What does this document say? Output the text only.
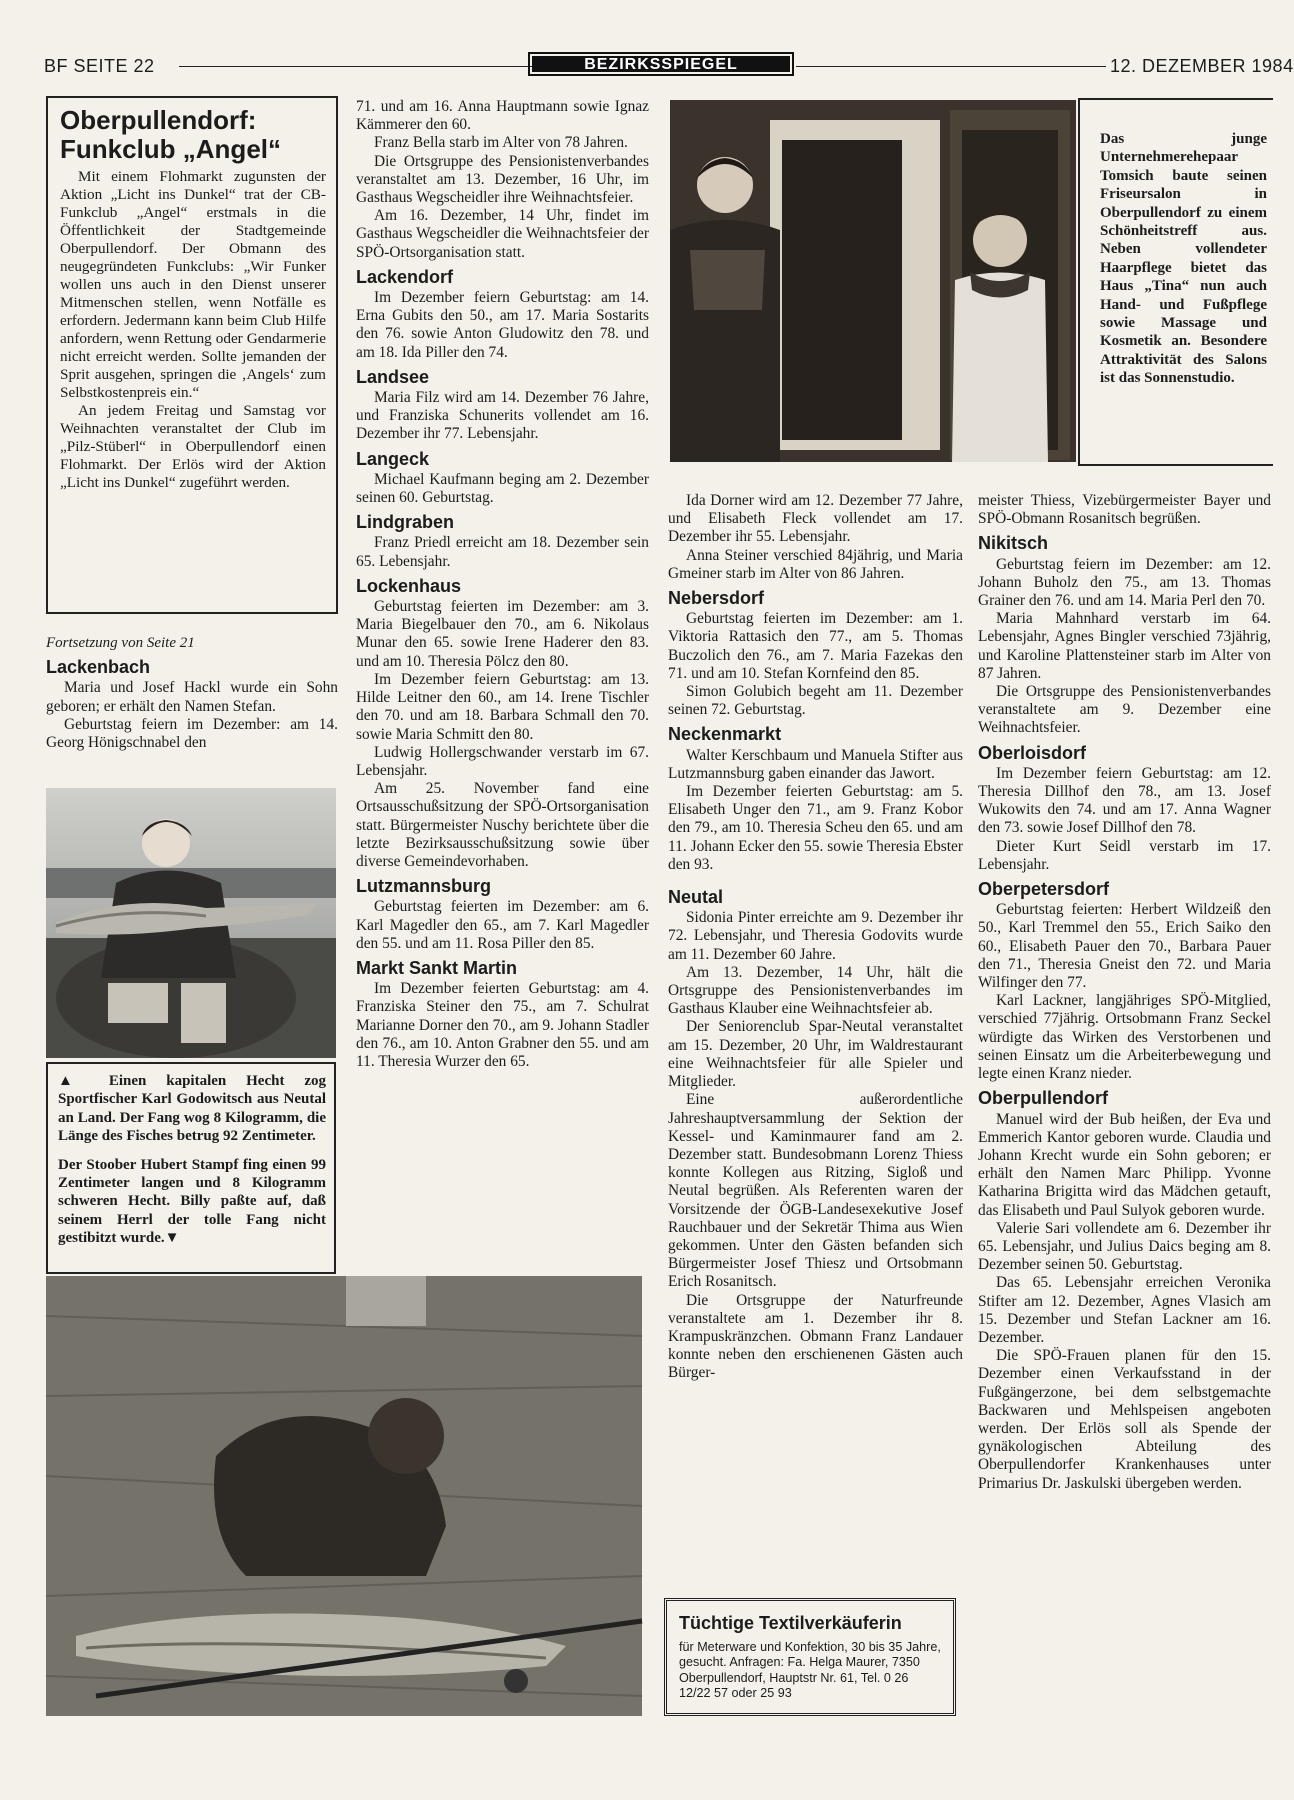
BF SEITE 22	BEZIRKSSPIEGEL	12. DEZEMBER 1984
Oberpullendorf: Funkclub „Angel“

Mit einem Flohmarkt zugunsten der Aktion „Licht ins Dunkel“ trat der CB-Funkclub „Angel“ erstmals in die Öffentlichkeit der Stadtgemeinde Oberpullendorf. Der Obmann des neugegründeten Funkclubs: „Wir Funker wollen uns auch in den Dienst unserer Mitmenschen stellen, wenn Notfälle es erfordern. Jedermann kann beim Club Hilfe anfordern, wenn Rettung oder Gendarmerie nicht erreicht werden. Sollte jemanden der Sprit ausgehen, springen die ‚Angels‘ zum Selbstkostenpreis ein.“

An jedem Freitag und Samstag vor Weihnachten veranstaltet der Club im „Pilz-Stüberl“ in Oberpullendorf einen Flohmarkt. Der Erlös wird der Aktion „Licht ins Dunkel“ zugeführt werden.

Fortsetzung von Seite 21

Lackenbach

Maria und Josef Hackl wurde ein Sohn geboren; er erhält den Namen Stefan.

Geburtstag feiern im Dezember: am 14. Georg Hönigschnabel den

▲ Einen kapitalen Hecht zog Sportfischer Karl Godowitsch aus Neutal an Land. Der Fang wog 8 Kilogramm, die Länge des Fisches betrug 92 Zentimeter.

Der Stoober Hubert Stampf fing einen 99 Zentimeter langen und 8 Kilogramm schweren Hecht. Billy paßte auf, daß seinem Herrl der tolle Fang nicht gestibitzt wurde.▼

71. und am 16. Anna Hauptmann sowie Ignaz Kämmerer den 60.

Franz Bella starb im Alter von 78 Jahren.

Die Ortsgruppe des Pensionistenverbandes veranstaltet am 13. Dezember, 16 Uhr, im Gasthaus Wegscheidler ihre Weihnachtsfeier.

Am 16. Dezember, 14 Uhr, findet im Gasthaus Wegscheidler die Weihnachtsfeier der SPÖ-Ortsorganisation statt.

Lackendorf

Im Dezember feiern Geburtstag: am 14. Erna Gubits den 50., am 17. Maria Sostarits den 76. sowie Anton Gludowitz den 78. und am 18. Ida Piller den 74.

Landsee

Maria Filz wird am 14. Dezember 76 Jahre, und Franziska Schunerits vollendet am 16. Dezember ihr 77. Lebensjahr.

Langeck

Michael Kaufmann beging am 2. Dezember seinen 60. Geburtstag.

Lindgraben

Franz Priedl erreicht am 18. Dezember sein 65. Lebensjahr.

Lockenhaus

Geburtstag feierten im Dezember: am 3. Maria Biegelbauer den 70., am 6. Nikolaus Munar den 65. sowie Irene Haderer den 83. und am 10. Theresia Pölcz den 80.

Im Dezember feiern Geburtstag: am 13. Hilde Leitner den 60., am 14. Irene Tischler den 70. und am 18. Barbara Schmall den 70. sowie Maria Schmitt den 80.

Ludwig Hollergschwander verstarb im 67. Lebensjahr.

Am 25. November fand eine Ortsausschußsitzung der SPÖ-Ortsorganisation statt. Bürgermeister Nuschy berichtete über die letzte Bezirksausschußsitzung sowie über diverse Gemeindevorhaben.

Lutzmannsburg

Geburtstag feierten im Dezember: am 6. Karl Magedler den 65., am 7. Karl Magedler den 55. und am 11. Rosa Piller den 85.

Markt Sankt Martin

Im Dezember feierten Geburtstag: am 4. Franziska Steiner den 75., am 7. Schulrat Marianne Dorner den 70., am 9. Johann Stadler den 76., am 10. Anton Grabner den 55. und am 11. Theresia Wurzer den 65.

Das junge Unternehmerehepaar Tomsich baute seinen Friseursalon in Oberpullendorf zu einem Schönheitstreff aus. Neben vollendeter Haarpflege bietet das Haus „Tina“ nun auch Hand- und Fußpflege sowie Massage und Kosmetik an. Besondere Attraktivität des Salons ist das Sonnenstudio.

Ida Dorner wird am 12. Dezember 77 Jahre, und Elisabeth Fleck vollendet am 17. Dezember ihr 55. Lebensjahr.

Anna Steiner verschied 84jährig, und Maria Gmeiner starb im Alter von 86 Jahren.

Nebersdorf

Geburtstag feierten im Dezember: am 1. Viktoria Rattasich den 77., am 5. Thomas Buczolich den 76., am 7. Maria Fazekas den 71. und am 10. Stefan Kornfeind den 85.

Simon Golubich begeht am 11. Dezember seinen 72. Geburtstag.

Neckenmarkt

Walter Kerschbaum und Manuela Stifter aus Lutzmannsburg gaben einander das Jawort.

Im Dezember feierten Geburtstag: am 5. Elisabeth Unger den 71., am 9. Franz Kobor den 79., am 10. Theresia Scheu den 65. und am 11. Johann Ecker den 55. sowie Theresia Ebster den 93.

Neutal

Sidonia Pinter erreichte am 9. Dezember ihr 72. Lebensjahr, und Theresia Godovits wurde am 11. Dezember 60 Jahre.

Am 13. Dezember, 14 Uhr, hält die Ortsgruppe des Pensionistenverbandes im Gasthaus Klauber eine Weihnachtsfeier ab.

Der Seniorenclub Spar-Neutal veranstaltet am 15. Dezember, 20 Uhr, im Waldrestaurant eine Weihnachtsfeier für alle Spieler und Mitglieder.

Eine außerordentliche Jahreshauptversammlung der Sektion der Kessel- und Kaminmaurer fand am 2. Dezember statt. Bundesobmann Lorenz Thiess konnte Kollegen aus Ritzing, Sigloß und Neutal begrüßen. Als Referenten waren der Vorsitzende der ÖGB-Landesexekutive Josef Rauchbauer und der Sekretär Thima aus Wien gekommen. Unter den Gästen befanden sich Bürgermeister Josef Thiesz und Ortsobmann Erich Rosanitsch.

Die Ortsgruppe der Naturfreunde veranstaltete am 1. Dezember ihr 8. Krampuskränzchen. Obmann Franz Landauer konnte neben den erschienenen Gästen auch Bürger-

Tüchtige Textilverkäuferin

für Meterware und Konfektion, 30 bis 35 Jahre, gesucht. Anfragen: Fa. Helga Maurer, 7350 Oberpullendorf, Hauptstr Nr. 61, Tel. 0 26 12/22 57 oder 25 93

meister Thiess, Vizebürgermeister Bayer und SPÖ-Obmann Rosanitsch begrüßen.

Nikitsch

Geburtstag feiern im Dezember: am 12. Johann Buholz den 75., am 13. Thomas Grainer den 76. und am 14. Maria Perl den 70.

Maria Mahnhard verstarb im 64. Lebensjahr, Agnes Bingler verschied 73jährig, und Karoline Plattensteiner starb im Alter von 87 Jahren.

Die Ortsgruppe des Pensionistenverbandes veranstaltete am 9. Dezember eine Weihnachtsfeier.

Oberloisdorf

Im Dezember feiern Geburtstag: am 12. Theresia Dillhof den 78., am 13. Josef Wukowits den 74. und am 17. Anna Wagner den 73. sowie Josef Dillhof den 78.

Dieter Kurt Seidl verstarb im 17. Lebensjahr.

Oberpetersdorf

Geburtstag feierten: Herbert Wildzeiß den 50., Karl Tremmel den 55., Erich Saiko den 60., Elisabeth Pauer den 70., Barbara Pauer den 71., Theresia Gneist den 72. und Maria Wilfinger den 77.

Karl Lackner, langjähriges SPÖ-Mitglied, verschied 77jährig. Ortsobmann Franz Seckel würdigte das Wirken des Verstorbenen und seinen Einsatz um die Arbeiterbewegung und legte einen Kranz nieder.

Oberpullendorf

Manuel wird der Bub heißen, der Eva und Emmerich Kantor geboren wurde. Claudia und Johann Krecht wurde ein Sohn geboren; er erhält den Namen Marc Philipp. Yvonne Katharina Brigitta wird das Mädchen getauft, das Elisabeth und Paul Sulyok geboren wurde.

Valerie Sari vollendete am 6. Dezember ihr 65. Lebensjahr, und Julius Daics beging am 8. Dezember seinen 50. Geburtstag.

Das 65. Lebensjahr erreichen Veronika Stifter am 12. Dezember, Agnes Vlasich am 15. Dezember und Stefan Lackner am 16. Dezember.

Die SPÖ-Frauen planen für den 15. Dezember einen Verkaufsstand in der Fußgängerzone, bei dem selbstgemachte Backwaren und Mehlspeisen angeboten werden. Der Erlös soll als Spende der gynäkologischen Abteilung des Oberpullendorfer Krankenhauses unter Primarius Dr. Jaskulski übergeben werden.
